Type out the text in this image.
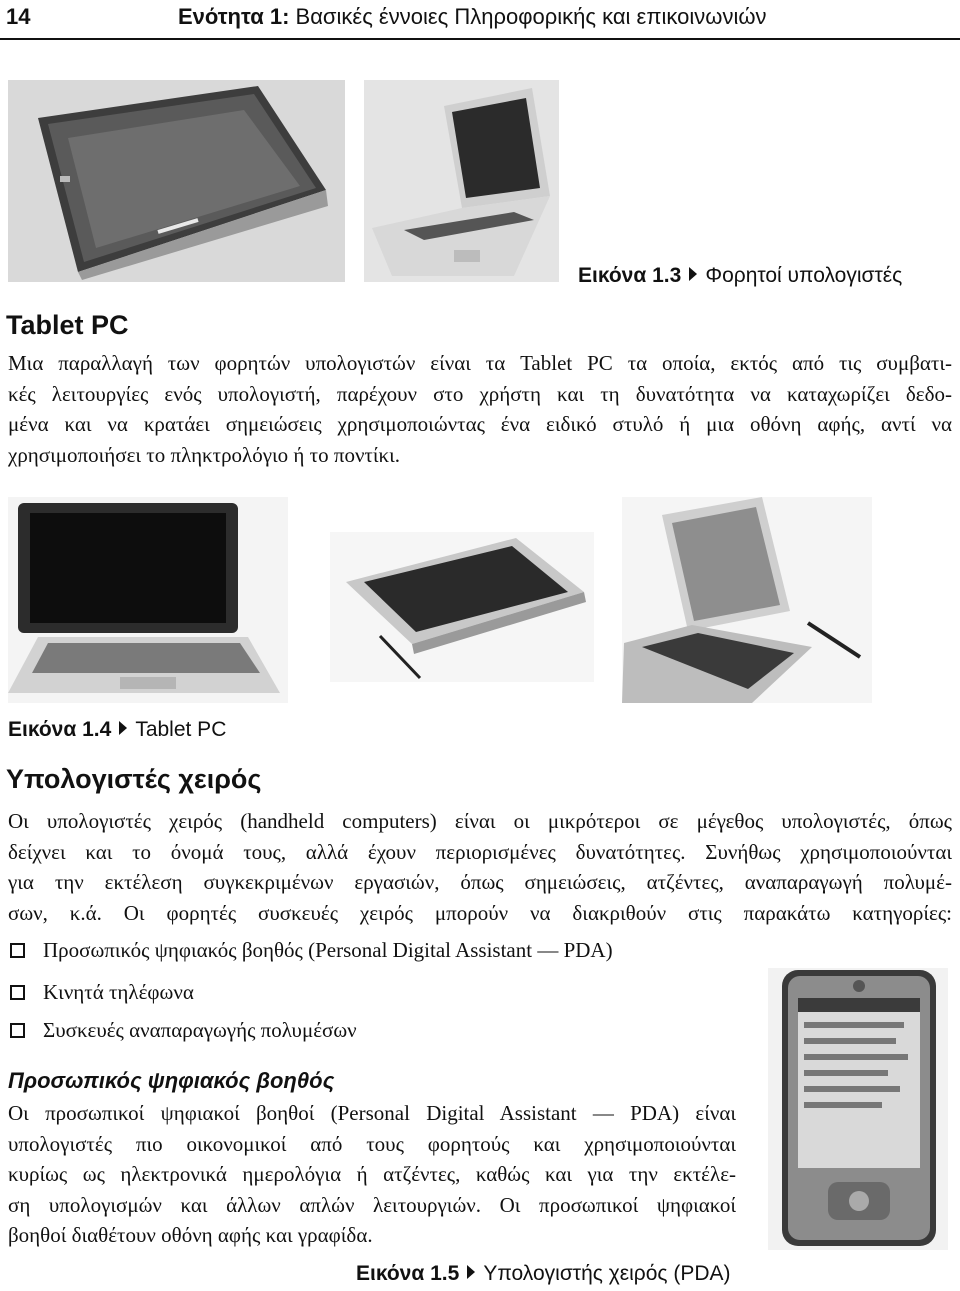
14	Ενότητα 1: Βασικές έννοιες Πληροφορικής και επικοινωνιών
Εικόνα 1.3 Φορητοί υπολογιστές
Tablet PC
Μια παραλλαγή των φορητών υπολογιστών είναι τα Tablet PC τα οποία, εκτός από τις συμβατι-
κές λειτουργίες ενός υπολογιστή, παρέχουν στο χρήστη και τη δυνατότητα να καταχωρίζει δεδο-
μένα και να κρατάει σημειώσεις χρησιμοποιώντας ένα ειδικό στυλό ή μια οθόνη αφής, αντί να
χρησιμοποιήσει το πληκτρολόγιο ή το ποντίκι.
Εικόνα 1.4 Tablet PC
Υπολογιστές χειρός
Οι υπολογιστές χειρός (handheld computers) είναι οι μικρότεροι σε μέγεθος υπολογιστές, όπως
δείχνει και το όνομά τους, αλλά έχουν περιορισμένες δυνατότητες. Συνήθως χρησιμοποιούνται
για την εκτέλεση συγκεκριμένων εργασιών, όπως σημειώσεις, ατζέντες, αναπαραγωγή πολυμέ-
σων, κ.ά. Οι φορητές συσκευές χειρός μπορούν να διακριθούν στις παρακάτω κατηγορίες:
Προσωπικός ψηφιακός βοηθός (Personal Digital Assistant — PDA)
Κινητά τηλέφωνα
Συσκευές αναπαραγωγής πολυμέσων
Προσωπικός ψηφιακός βοηθός
Οι προσωπικοί ψηφιακοί βοηθοί (Personal Digital Assistant — PDA) είναι
υπολογιστές πιο οικονομικοί από τους φορητούς και χρησιμοποιούνται
κυρίως ως ηλεκτρονικά ημερολόγια ή ατζέντες, καθώς και για την εκτέλε-
ση υπολογισμών και άλλων απλών λειτουργιών. Οι προσωπικοί ψηφιακοί
βοηθοί διαθέτουν οθόνη αφής και γραφίδα.
Εικόνα 1.5 Υπολογιστής χειρός (PDA)
